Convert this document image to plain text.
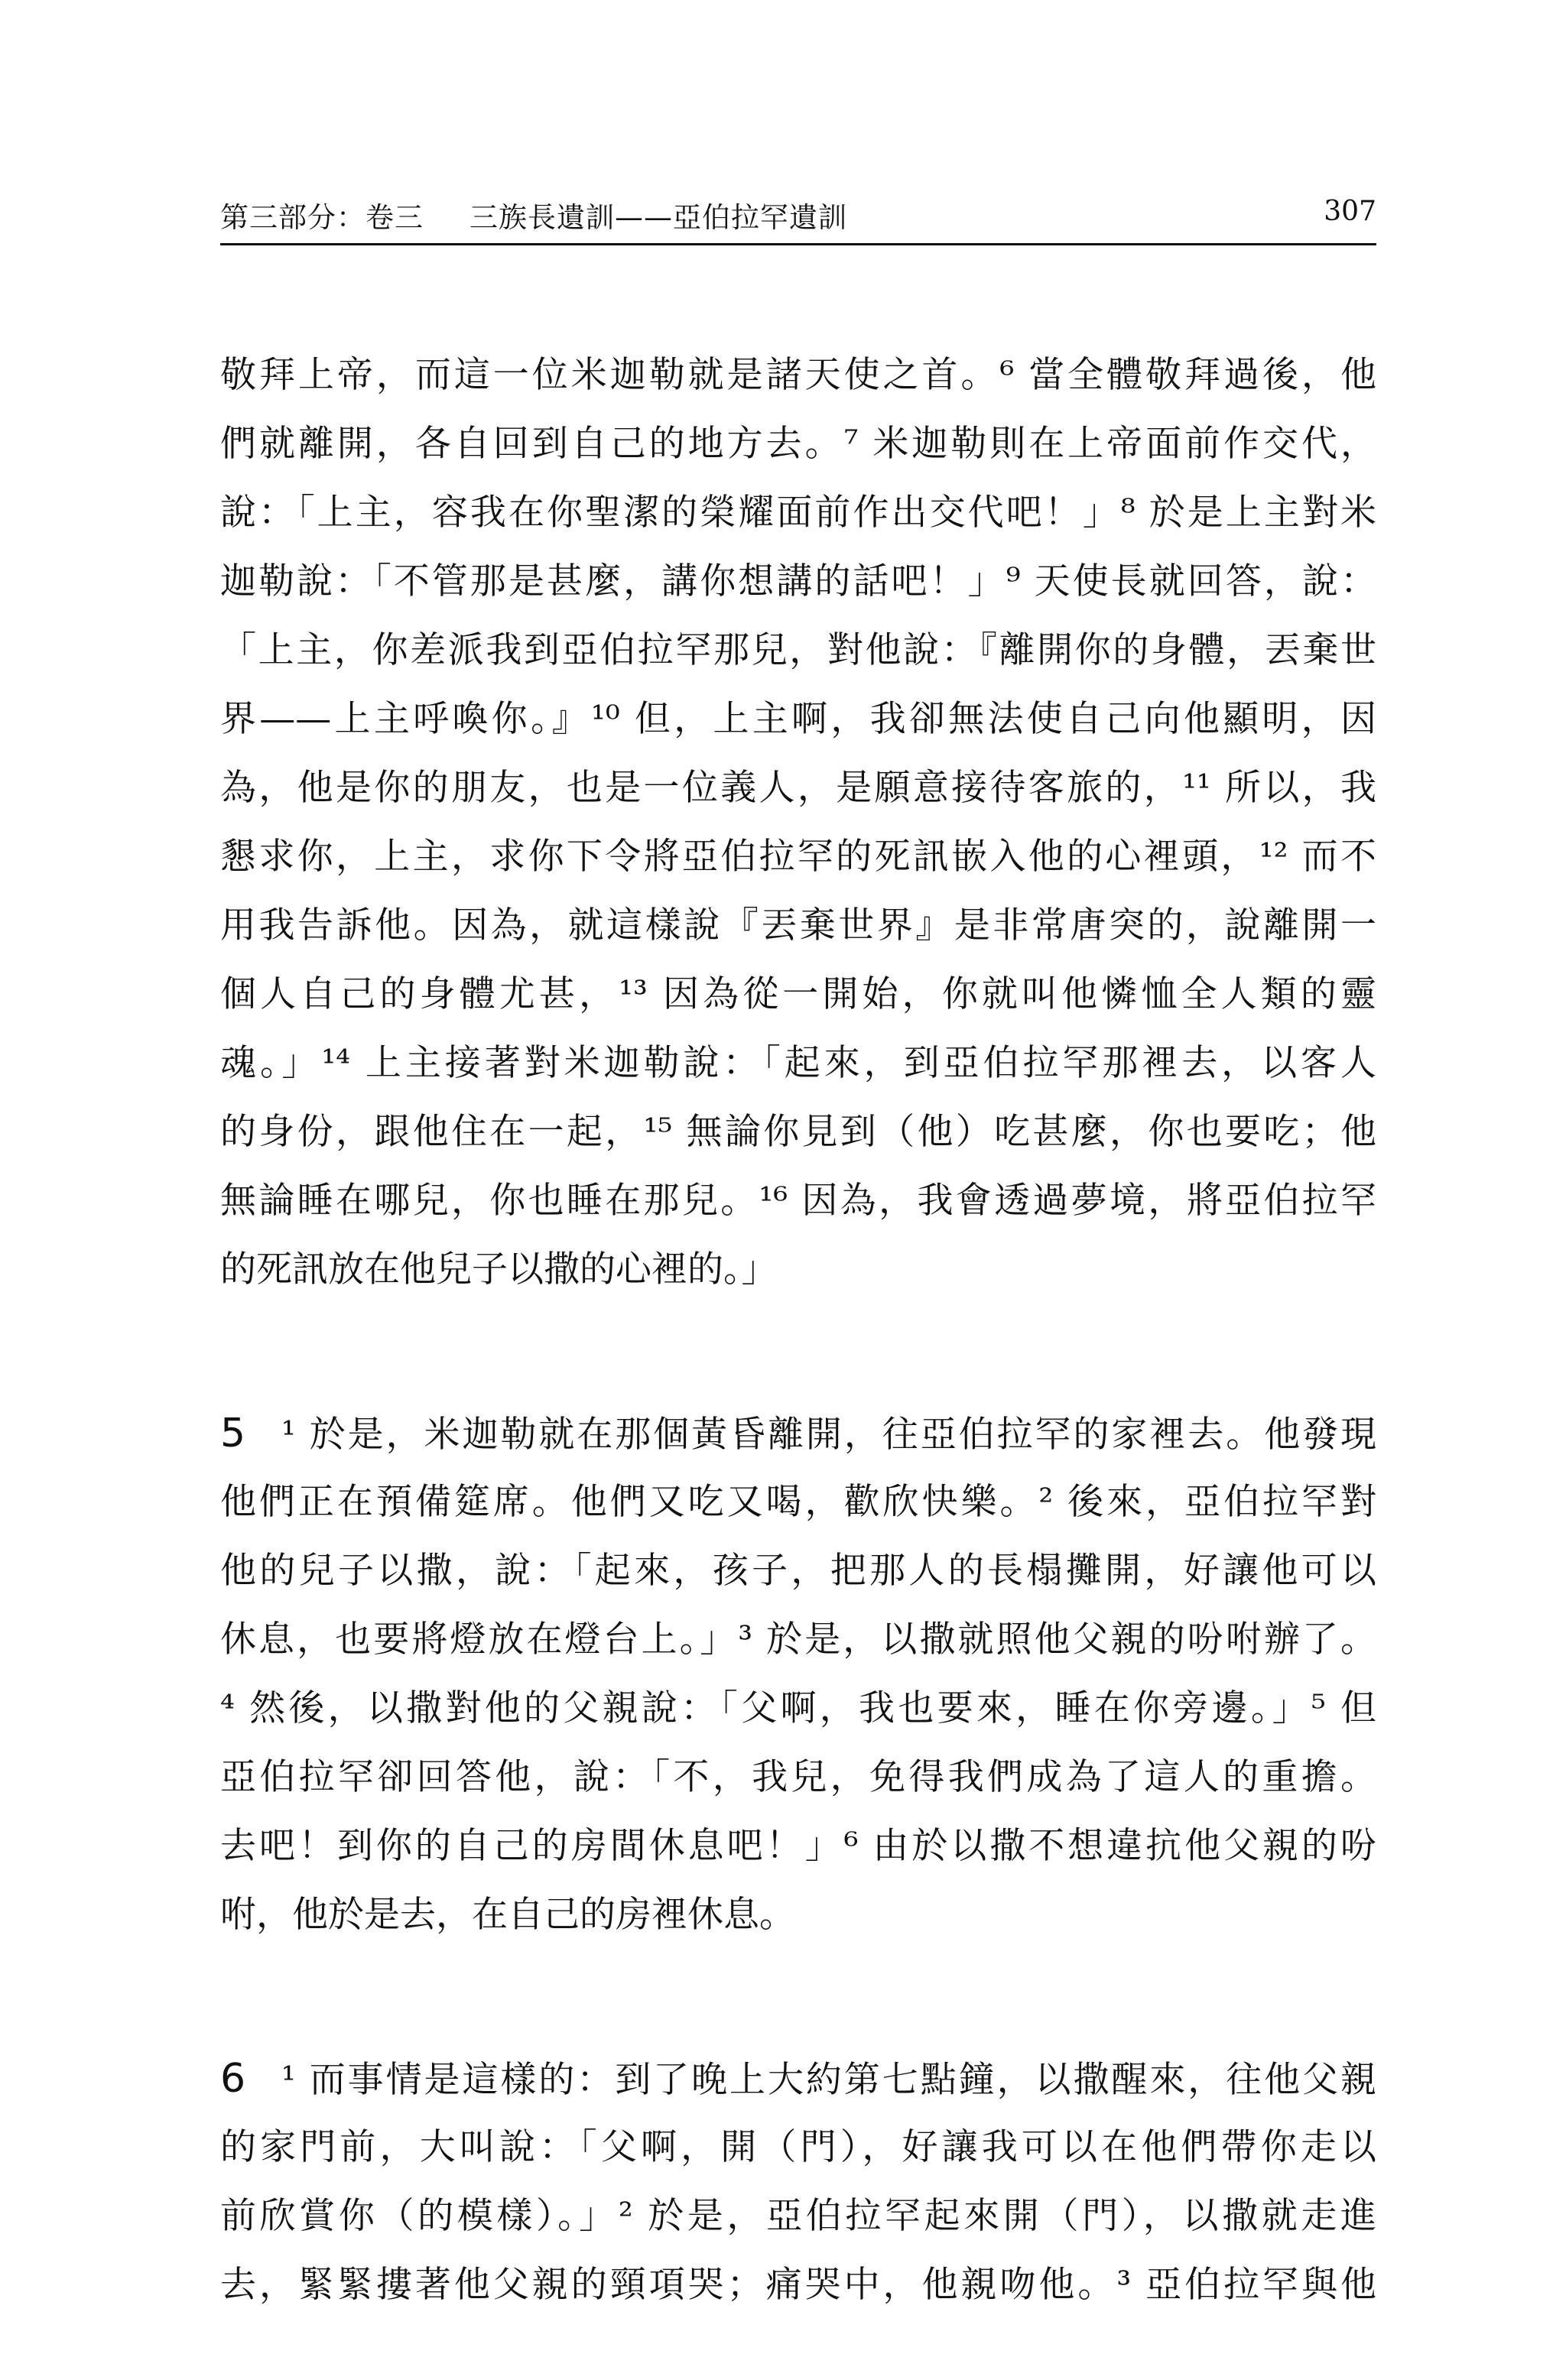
第三部分：卷三 三族長遺訓——亞伯拉罕遺訓	307
敬拜上帝，而這一位米迦勒就是諸天使之首。⁶ 當全體敬拜過後，他
們就離開，各自回到自己的地方去。⁷ 米迦勒則在上帝面前作交代，
說：「上主，容我在你聖潔的榮耀面前作出交代吧！」⁸ 於是上主對米
迦勒說：「不管那是甚麼，講你想講的話吧！」⁹ 天使長就回答，說：
「上主，你差派我到亞伯拉罕那兒，對他說：『離開你的身體，丟棄世
界——上主呼喚你。』¹⁰ 但，上主啊，我卻無法使自己向他顯明，因
為，他是你的朋友，也是一位義人，是願意接待客旅的，¹¹ 所以，我
懇求你，上主，求你下令將亞伯拉罕的死訊嵌入他的心裡頭，¹² 而不
用我告訴他。因為，就這樣說『丟棄世界』是非常唐突的，說離開一
個人自己的身體尤甚，¹³ 因為從一開始，你就叫他憐恤全人類的靈
魂。」¹⁴ 上主接著對米迦勒說：「起來，到亞伯拉罕那裡去，以客人
的身份，跟他住在一起，¹⁵ 無論你見到（他）吃甚麼，你也要吃；他
無論睡在哪兒，你也睡在那兒。¹⁶ 因為，我會透過夢境，將亞伯拉罕
的死訊放在他兒子以撒的心裡的。」
5 ¹ 於是，米迦勒就在那個黃昏離開，往亞伯拉罕的家裡去。他發現
他們正在預備筵席。他們又吃又喝，歡欣快樂。² 後來，亞伯拉罕對
他的兒子以撒，說：「起來，孩子，把那人的長榻攤開，好讓他可以
休息，也要將燈放在燈台上。」³ 於是，以撒就照他父親的吩咐辦了。
⁴ 然後，以撒對他的父親說：「父啊，我也要來，睡在你旁邊。」⁵ 但
亞伯拉罕卻回答他，說：「不，我兒，免得我們成為了這人的重擔。
去吧！到你的自己的房間休息吧！」⁶ 由於以撒不想違抗他父親的吩
咐，他於是去，在自己的房裡休息。
6 ¹ 而事情是這樣的：到了晚上大約第七點鐘，以撒醒來，往他父親
的家門前，大叫說：「父啊，開（門），好讓我可以在他們帶你走以
前欣賞你（的模樣）。」² 於是，亞伯拉罕起來開（門），以撒就走進
去，緊緊摟著他父親的頸項哭；痛哭中，他親吻他。³ 亞伯拉罕與他
